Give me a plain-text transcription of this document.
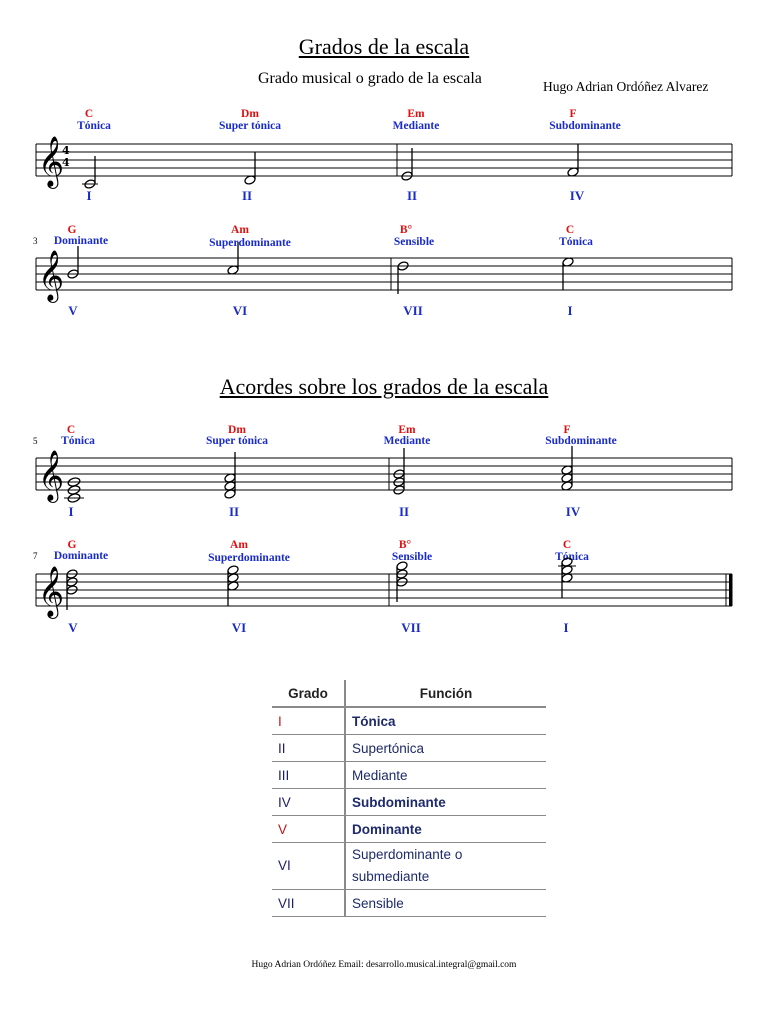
Grados de la escala
Grado musical o grado de la escala	Hugo Adrian Ordóñez Alvarez
C
Tónica
Dm
Super tónica
Em
Mediante
F
Subdominante
𝄞
4
4
I	II	II	IV
3
G
Dominante
Am
Superdominante
B°
Sensible
C
Tónica
𝄞
V	VI	VII	I
Acordes sobre los grados de la escala
5
C
Tónica
Dm
Super tónica
Em
Mediante
F
Subdominante
𝄞
I	II	II	IV
7
G
Dominante
Am
Superdominante
B°
Sensible
C
Tónica
𝄞
V	VI	VII	I
Grado	Función
I	Tónica
II	Supertónica
III	Mediante
IV	Subdominante
V	Dominante
VI	Superdominante o submediante
VII	Sensible
Hugo Adrian Ordóñez Email: desarrollo.musical.integral@gmail.com
